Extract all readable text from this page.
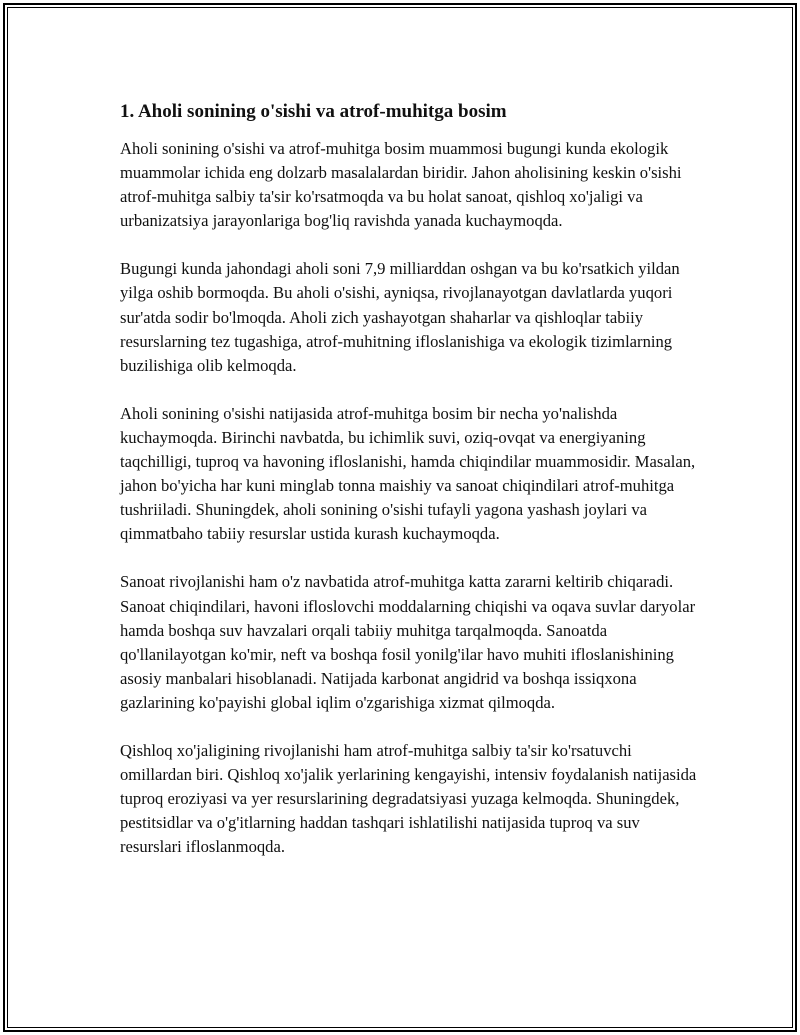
1. Aholi sonining o'sishi va atrof-muhitga bosim

Aholi sonining o'sishi va atrof-muhitga bosim muammosi bugungi kunda ekologik muammolar ichida eng dolzarb masalalardan biridir. Jahon aholisining keskin o'sishi atrof-muhitga salbiy ta'sir ko'rsatmoqda va bu holat sanoat, qishloq xo'jaligi va urbanizatsiya jarayonlariga bog'liq ravishda yanada kuchaymoqda.

Bugungi kunda jahondagi aholi soni 7,9 milliarddan oshgan va bu ko'rsatkich yildan yilga oshib bormoqda. Bu aholi o'sishi, ayniqsa, rivojlanayotgan davlatlarda yuqori sur'atda sodir bo'lmoqda. Aholi zich yashayotgan shaharlar va qishloqlar tabiiy resurslarning tez tugashiga, atrof-muhitning ifloslanishiga va ekologik tizimlarning buzilishiga olib kelmoqda.

Aholi sonining o'sishi natijasida atrof-muhitga bosim bir necha yo'nalishda kuchaymoqda. Birinchi navbatda, bu ichimlik suvi, oziq-ovqat va energiyaning taqchilligi, tuproq va havoning ifloslanishi, hamda chiqindilar muammosidir. Masalan, jahon bo'yicha har kuni minglab tonna maishiy va sanoat chiqindilari atrof-muhitga tushriiladi. Shuningdek, aholi sonining o'sishi tufayli yagona yashash joylari va qimmatbaho tabiiy resurslar ustida kurash kuchaymoqda.

Sanoat rivojlanishi ham o'z navbatida atrof-muhitga katta zararni keltirib chiqaradi. Sanoat chiqindilari, havoni ifloslovchi moddalarning chiqishi va oqava suvlar daryolar hamda boshqa suv havzalari orqali tabiiy muhitga tarqalmoqda. Sanoatda qo'llanilayotgan ko'mir, neft va boshqa fosil yonilg'ilar havo muhiti ifloslanishining asosiy manbalari hisoblanadi. Natijada karbonat angidrid va boshqa issiqxona gazlarining ko'payishi global iqlim o'zgarishiga xizmat qilmoqda.

Qishloq xo'jaligining rivojlanishi ham atrof-muhitga salbiy ta'sir ko'rsatuvchi omillardan biri. Qishloq xo'jalik yerlarining kengayishi, intensiv foydalanish natijasida tuproq eroziyasi va yer resurslarining degradatsiyasi yuzaga kelmoqda. Shuningdek, pestitsidlar va o'g'itlarning haddan tashqari ishlatilishi natijasida tuproq va suv resurslari ifloslanmoqda.
